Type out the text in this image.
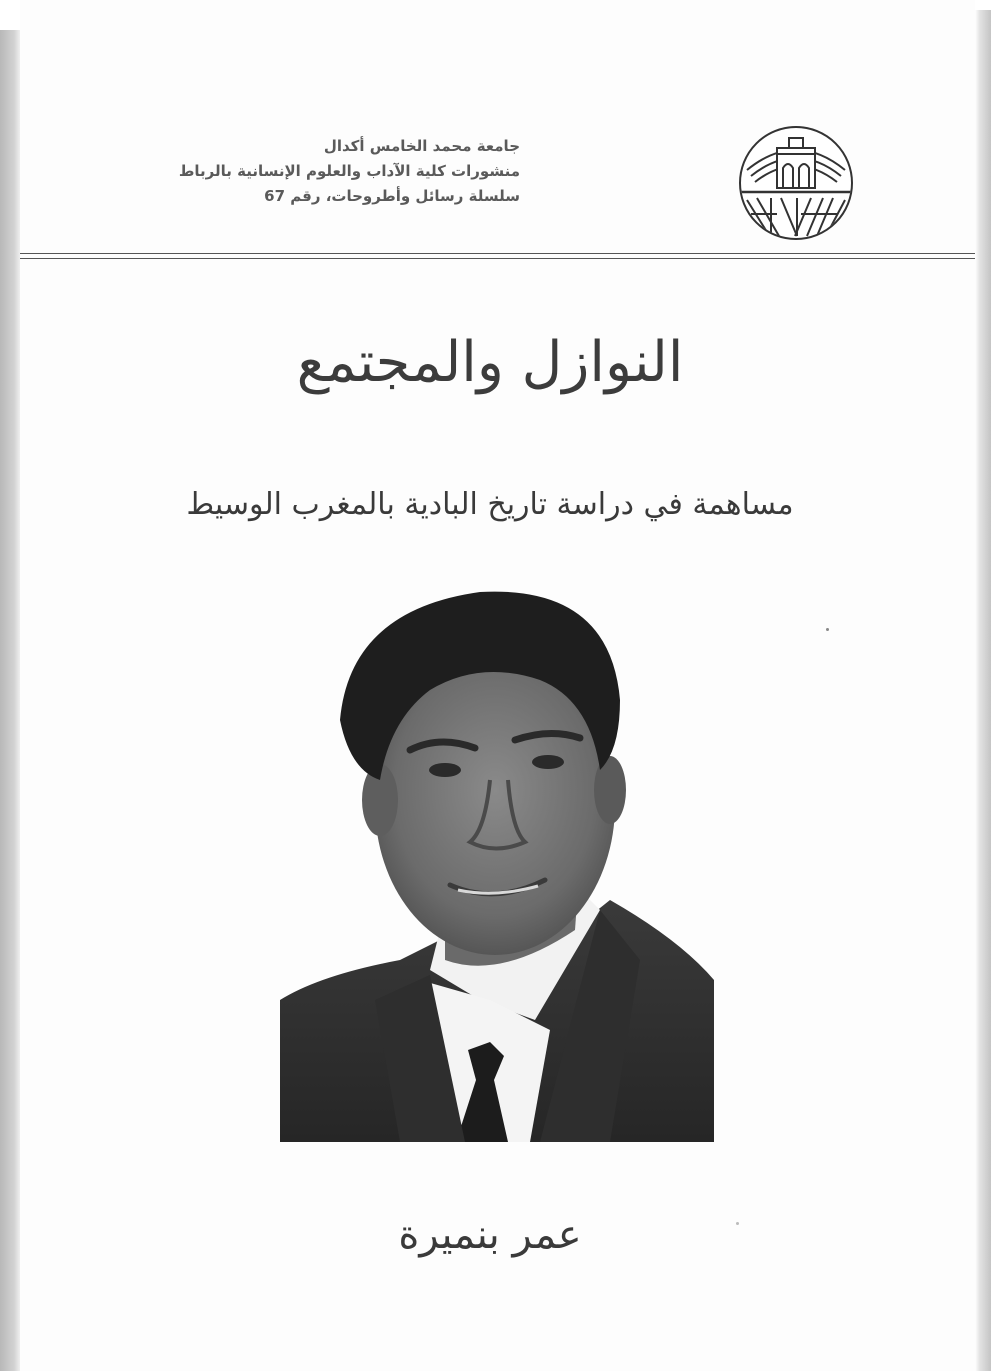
جامعة محمد الخامس أكدال
منشورات كلية الآداب والعلوم الإنسانية بالرباط
سلسلة رسائل وأطروحات، رقم 67
النوازل والمجتمع
مساهمة في دراسة تاريخ البادية بالمغرب الوسيط
عمر بنميرة
